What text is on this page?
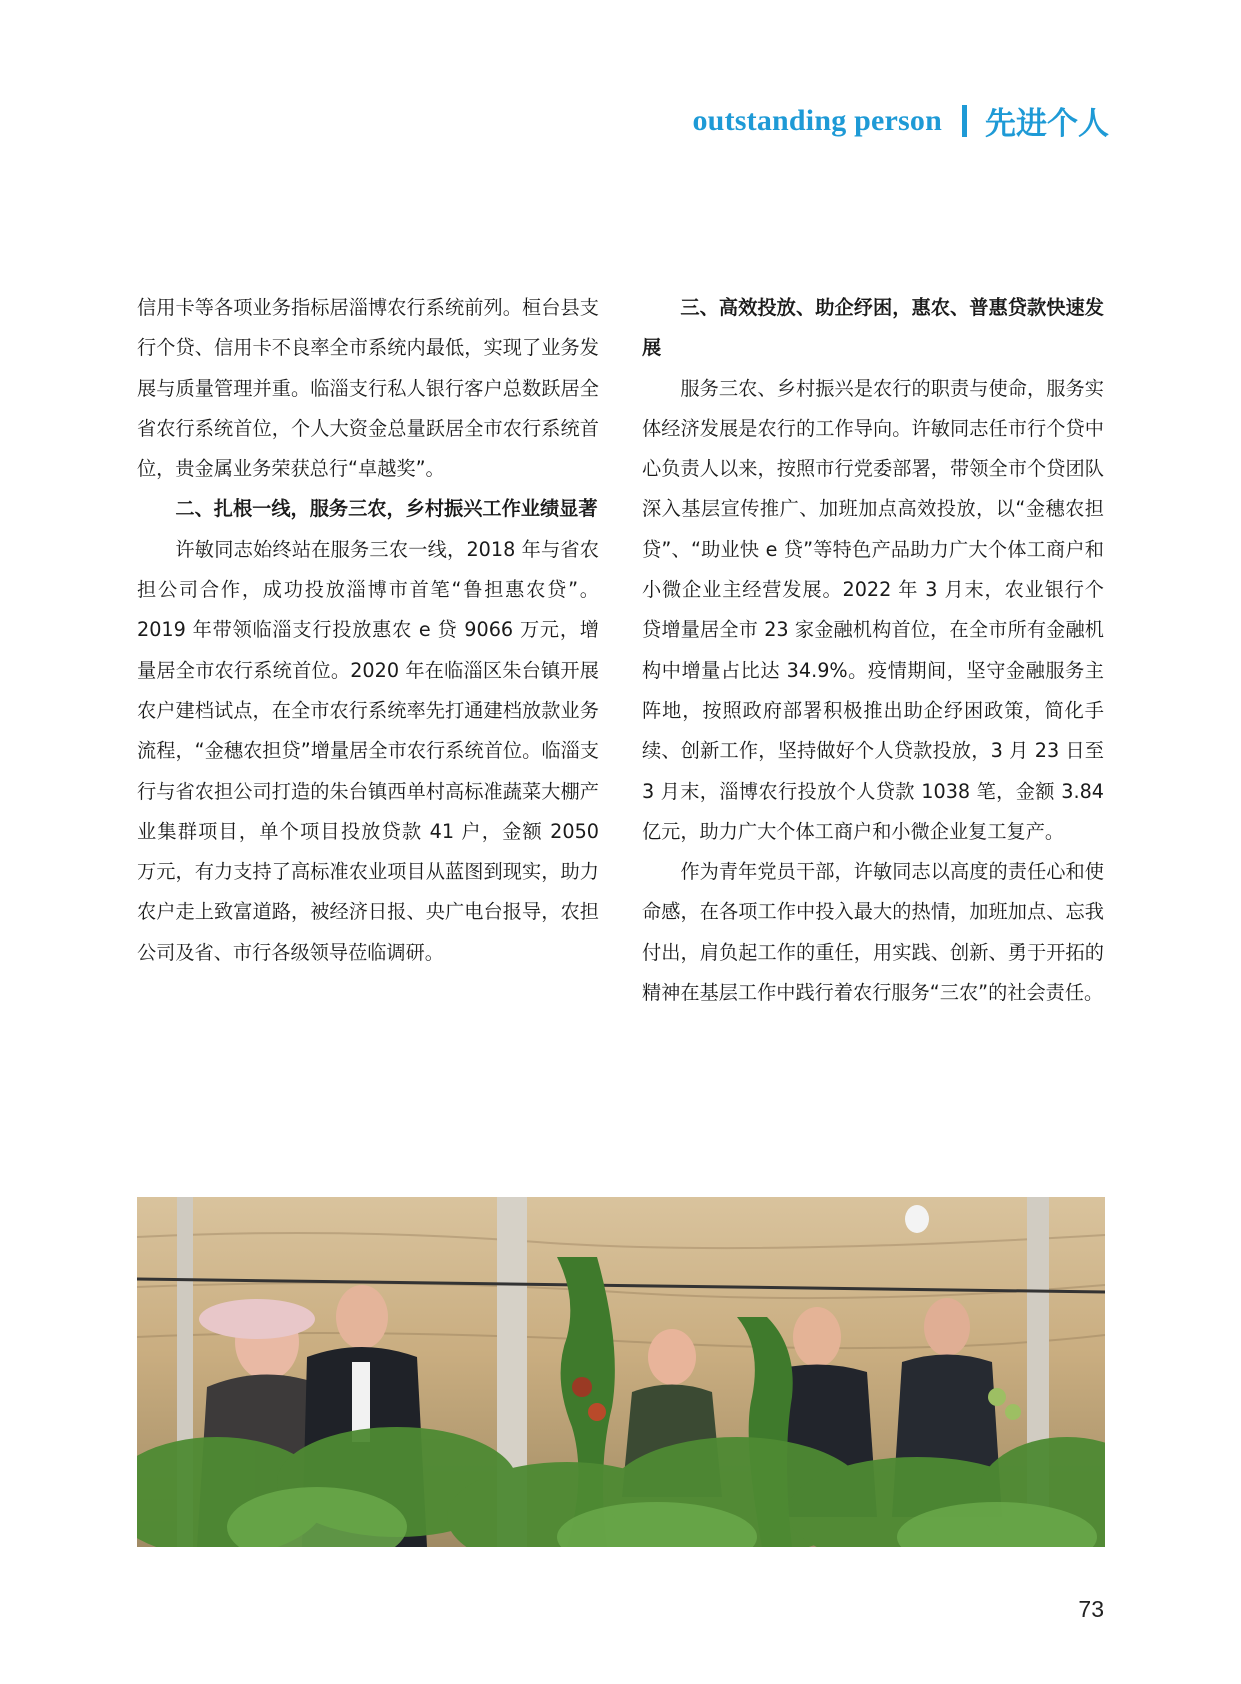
outstanding person 先进个人

信用卡等各项业务指标居淄博农行系统前列。桓台县支行个贷、信用卡不良率全市系统内最低，实现了业务发展与质量管理并重。临淄支行私人银行客户总数跃居全省农行系统首位，个人大资金总量跃居全市农行系统首位，贵金属业务荣获总行“卓越奖”。

二、扎根一线，服务三农，乡村振兴工作业绩显著

许敏同志始终站在服务三农一线，2018 年与省农担公司合作，成功投放淄博市首笔“鲁担惠农贷”。2019 年带领临淄支行投放惠农 e 贷 9066 万元，增量居全市农行系统首位。2020 年在临淄区朱台镇开展农户建档试点，在全市农行系统率先打通建档放款业务流程，“金穗农担贷”增量居全市农行系统首位。临淄支行与省农担公司打造的朱台镇西单村高标准蔬菜大棚产业集群项目，单个项目投放贷款 41 户，金额 2050 万元，有力支持了高标准农业项目从蓝图到现实，助力农户走上致富道路，被经济日报、央广电台报导，农担公司及省、市行各级领导莅临调研。

三、高效投放、助企纾困，惠农、普惠贷款快速发展

服务三农、乡村振兴是农行的职责与使命，服务实体经济发展是农行的工作导向。许敏同志任市行个贷中心负责人以来，按照市行党委部署，带领全市个贷团队深入基层宣传推广、加班加点高效投放，以“金穗农担贷”、“助业快 e 贷”等特色产品助力广大个体工商户和小微企业主经营发展。2022 年 3 月末，农业银行个贷增量居全市 23 家金融机构首位，在全市所有金融机构中增量占比达 34.9%。疫情期间，坚守金融服务主阵地，按照政府部署积极推出助企纾困政策，简化手续、创新工作，坚持做好个人贷款投放，3 月 23 日至 3 月末，淄博农行投放个人贷款 1038 笔，金额 3.84 亿元，助力广大个体工商户和小微企业复工复产。

作为青年党员干部，许敏同志以高度的责任心和使命感，在各项工作中投入最大的热情，加班加点、忘我付出，肩负起工作的重任，用实践、创新、勇于开拓的精神在基层工作中践行着农行服务“三农”的社会责任。

73
